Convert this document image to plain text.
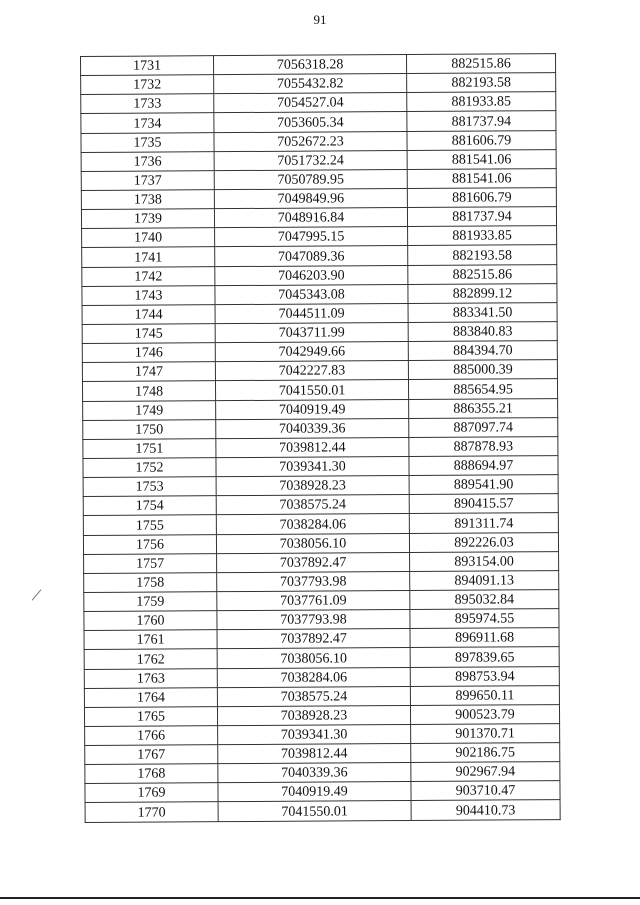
91
1731	7056318.28	882515.86
1732	7055432.82	882193.58
1733	7054527.04	881933.85
1734	7053605.34	881737.94
1735	7052672.23	881606.79
1736	7051732.24	881541.06
1737	7050789.95	881541.06
1738	7049849.96	881606.79
1739	7048916.84	881737.94
1740	7047995.15	881933.85
1741	7047089.36	882193.58
1742	7046203.90	882515.86
1743	7045343.08	882899.12
1744	7044511.09	883341.50
1745	7043711.99	883840.83
1746	7042949.66	884394.70
1747	7042227.83	885000.39
1748	7041550.01	885654.95
1749	7040919.49	886355.21
1750	7040339.36	887097.74
1751	7039812.44	887878.93
1752	7039341.30	888694.97
1753	7038928.23	889541.90
1754	7038575.24	890415.57
1755	7038284.06	891311.74
1756	7038056.10	892226.03
1757	7037892.47	893154.00
1758	7037793.98	894091.13
1759	7037761.09	895032.84
1760	7037793.98	895974.55
1761	7037892.47	896911.68
1762	7038056.10	897839.65
1763	7038284.06	898753.94
1764	7038575.24	899650.11
1765	7038928.23	900523.79
1766	7039341.30	901370.71
1767	7039812.44	902186.75
1768	7040339.36	902967.94
1769	7040919.49	903710.47
1770	7041550.01	904410.73
